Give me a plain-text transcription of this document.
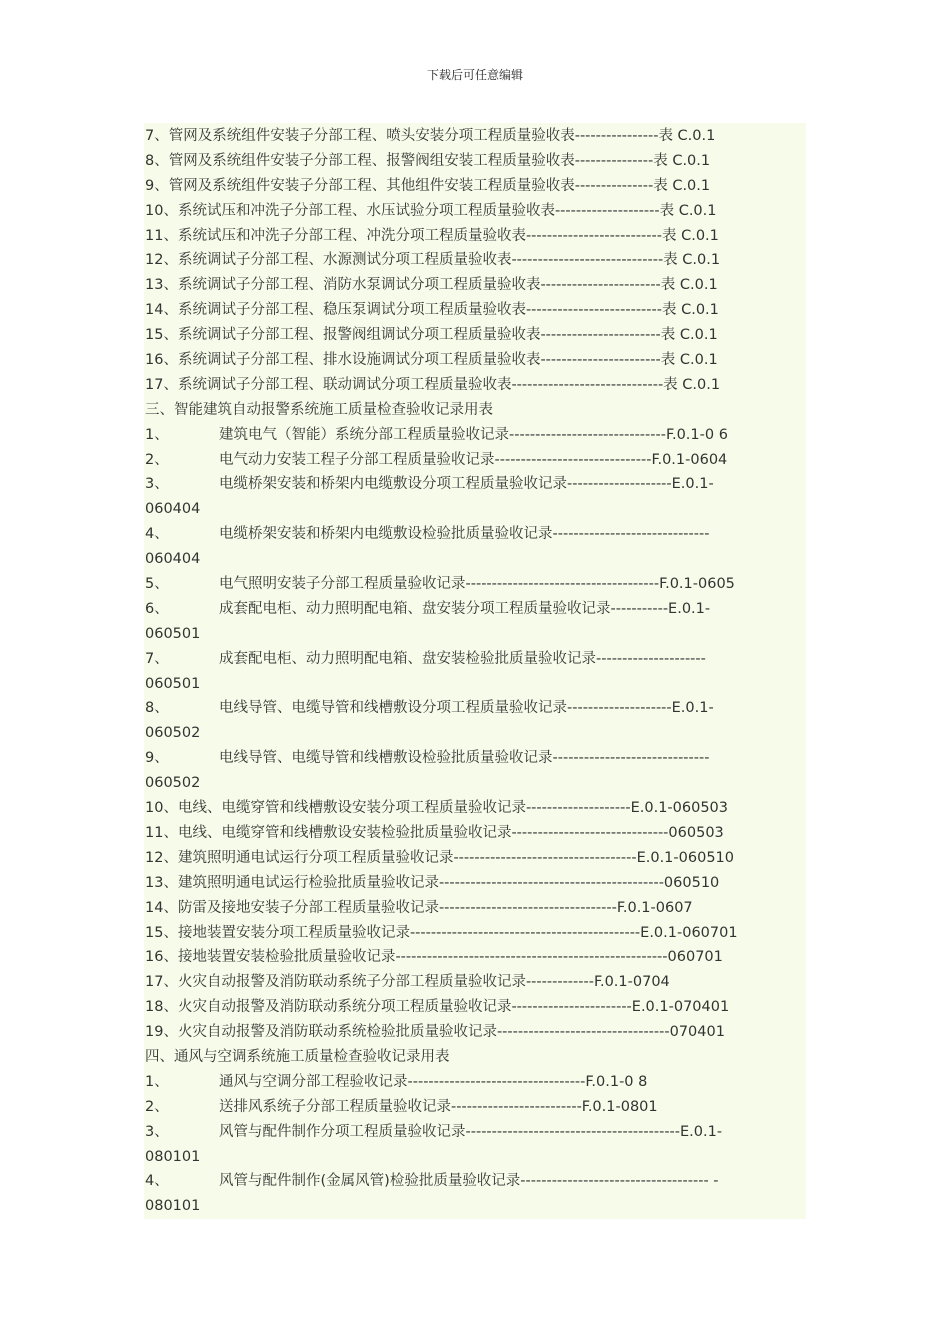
下载后可任意编辑
7、管网及系统组件安装子分部工程、喷头安装分项工程质量验收表----------------表 C.0.1
8、管网及系统组件安装子分部工程、报警阀组安装工程质量验收表---------------表 C.0.1
9、管网及系统组件安装子分部工程、其他组件安装工程质量验收表---------------表 C.0.1
10、系统试压和冲洗子分部工程、水压试验分项工程质量验收表--------------------表 C.0.1
11、系统试压和冲洗子分部工程、冲洗分项工程质量验收表--------------------------表 C.0.1
12、系统调试子分部工程、水源测试分项工程质量验收表-----------------------------表 C.0.1
13、系统调试子分部工程、消防水泵调试分项工程质量验收表-----------------------表 C.0.1
14、系统调试子分部工程、稳压泵调试分项工程质量验收表--------------------------表 C.0.1
15、系统调试子分部工程、报警阀组调试分项工程质量验收表-----------------------表 C.0.1
16、系统调试子分部工程、排水设施调试分项工程质量验收表-----------------------表 C.0.1
17、系统调试子分部工程、联动调试分项工程质量验收表-----------------------------表 C.0.1
三、智能建筑自动报警系统施工质量检查验收记录用表
1、	建筑电气（智能）系统分部工程质量验收记录------------------------------F.0.1-0 6
2、	电气动力安装工程子分部工程质量验收记录------------------------------F.0.1-0604
3、	电缆桥架安装和桥架内电缆敷设分项工程质量验收记录--------------------E.0.1-
060404
4、	电缆桥架安装和桥架内电缆敷设检验批质量验收记录------------------------------
060404
5、	电气照明安装子分部工程质量验收记录-------------------------------------F.0.1-0605
6、	成套配电柜、动力照明配电箱、盘安装分项工程质量验收记录-----------E.0.1-
060501
7、	成套配电柜、动力照明配电箱、盘安装检验批质量验收记录---------------------
060501
8、	电线导管、电缆导管和线槽敷设分项工程质量验收记录--------------------E.0.1-
060502
9、	电线导管、电缆导管和线槽敷设检验批质量验收记录------------------------------
060502
10、电线、电缆穿管和线槽敷设安装分项工程质量验收记录--------------------E.0.1-060503
11、电线、电缆穿管和线槽敷设安装检验批质量验收记录------------------------------060503
12、建筑照明通电试运行分项工程质量验收记录-----------------------------------E.0.1-060510
13、建筑照明通电试运行检验批质量验收记录-------------------------------------------060510
14、防雷及接地安装子分部工程质量验收记录----------------------------------F.0.1-0607
15、接地装置安装分项工程质量验收记录--------------------------------------------E.0.1-060701
16、接地装置安装检验批质量验收记录----------------------------------------------------060701
17、火灾自动报警及消防联动系统子分部工程质量验收记录-------------F.0.1-0704
18、火灾自动报警及消防联动系统分项工程质量验收记录-----------------------E.0.1-070401
19、火灾自动报警及消防联动系统检验批质量验收记录---------------------------------070401
四、通风与空调系统施工质量检查验收记录用表
1、	通风与空调分部工程验收记录----------------------------------F.0.1-0 8
2、	送排风系统子分部工程质量验收记录-------------------------F.0.1-0801
3、	风管与配件制作分项工程质量验收记录-----------------------------------------E.0.1-
080101
4、	风管与配件制作(金属风管)检验批质量验收记录------------------------------------ -
080101
